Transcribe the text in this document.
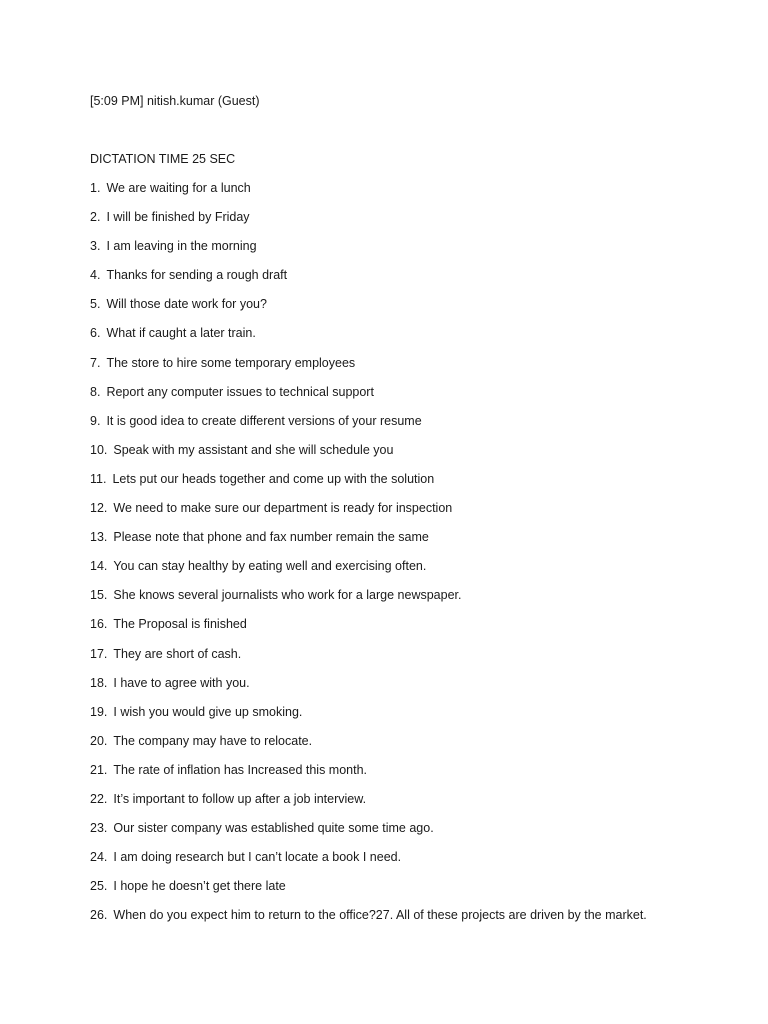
[5:09 PM] nitish.kumar (Guest)

DICTATION TIME 25 SEC

1. We are waiting for a lunch
2. I will be finished by Friday
3. I am leaving in the morning
4. Thanks for sending a rough draft
5. Will those date work for you?
6. What if caught a later train.
7. The store to hire some temporary employees
8. Report any computer issues to technical support
9. It is good idea to create different versions of your resume
10. Speak with my assistant and she will schedule you
11. Lets put our heads together and come up with the solution
12. We need to make sure our department is ready for inspection
13. Please note that phone and fax number remain the same
14. You can stay healthy by eating well and exercising often.
15. She knows several journalists who work for a large newspaper.
16. The Proposal is finished
17. They are short of cash.
18. I have to agree with you.
19. I wish you would give up smoking.
20. The company may have to relocate.
21. The rate of inflation has Increased this month.
22. It’s important to follow up after a job interview.
23. Our sister company was established quite some time ago.
24. I am doing research but I can’t locate a book I need.
25. I hope he doesn’t get there late
26. When do you expect him to return to the office?27. All of these projects are driven by the market.
